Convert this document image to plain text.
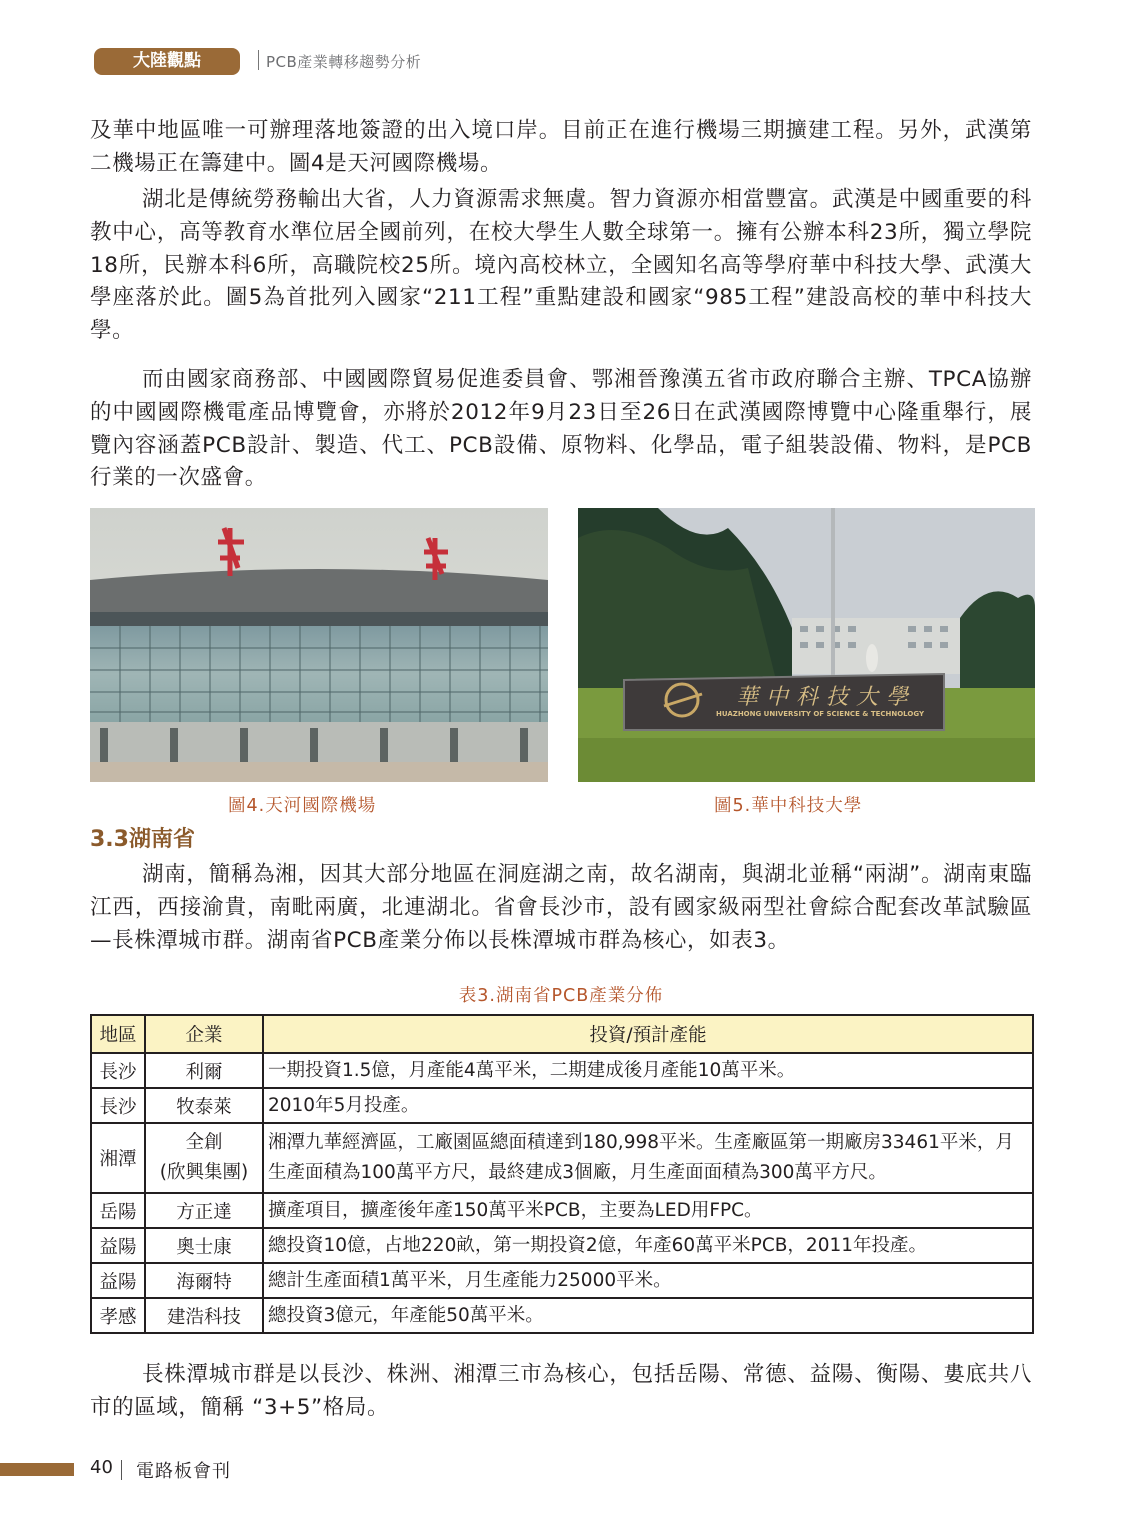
大陸觀點	PCB產業轉移趨勢分析

及華中地區唯一可辦理落地簽證的出入境口岸。目前正在進行機場三期擴建工程。另外，武漢第二機場正在籌建中。圖4是天河國際機場。

湖北是傳統勞務輸出大省，人力資源需求無虞。智力資源亦相當豐富。武漢是中國重要的科教中心，高等教育水準位居全國前列，在校大學生人數全球第一。擁有公辦本科23所，獨立學院18所，民辦本科6所，高職院校25所。境內高校林立，全國知名高等學府華中科技大學、武漢大學座落於此。圖5為首批列入國家“211工程”重點建設和國家“985工程”建設高校的華中科技大學。

而由國家商務部、中國國際貿易促進委員會、鄂湘晉豫漢五省市政府聯合主辦、TPCA協辦的中國國際機電產品博覽會，亦將於2012年9月23日至26日在武漢國際博覽中心隆重舉行，展覽內容涵蓋PCB設計、製造、代工、PCB設備、原物料、化學品，電子組裝設備、物料，是PCB行業的一次盛會。

華中科技大學
HUAZHONG UNIVERSITY OF SCIENCE & TECHNOLOGY
圖4.天河國際機場	圖5.華中科技大學
3.3湖南省

湖南，簡稱為湘，因其大部分地區在洞庭湖之南，故名湖南，與湖北並稱“兩湖”。湖南東臨江西，西接渝貴，南毗兩廣，北連湖北。省會長沙市，設有國家級兩型社會綜合配套改革試驗區—長株潭城市群。湖南省PCB產業分佈以長株潭城市群為核心，如表3。

表3.湖南省PCB產業分佈
地區	企業	投資/預計產能
長沙	利爾	一期投資1.5億，月產能4萬平米，二期建成後月產能10萬平米。
長沙	牧泰萊	2010年5月投產。
湘潭	全創
(欣興集團)	湘潭九華經濟區，工廠園區總面積達到180,998平米。生產廠區第一期廠房33461平米，月生產面積為100萬平方尺，最終建成3個廠，月生產面面積為300萬平方尺。
岳陽	方正達	擴產項目，擴產後年產150萬平米PCB，主要為LED用FPC。
益陽	奧士康	總投資10億，占地220畝，第一期投資2億，年產60萬平米PCB，2011年投產。
益陽	海爾特	總計生產面積1萬平米，月生產能力25000平米。
孝感	建浩科技	總投資3億元，年產能50萬平米。

長株潭城市群是以長沙、株洲、湘潭三市為核心，包括岳陽、常德、益陽、衡陽、婁底共八市的區域，簡稱 “3+5”格局。

40 電路板會刊
